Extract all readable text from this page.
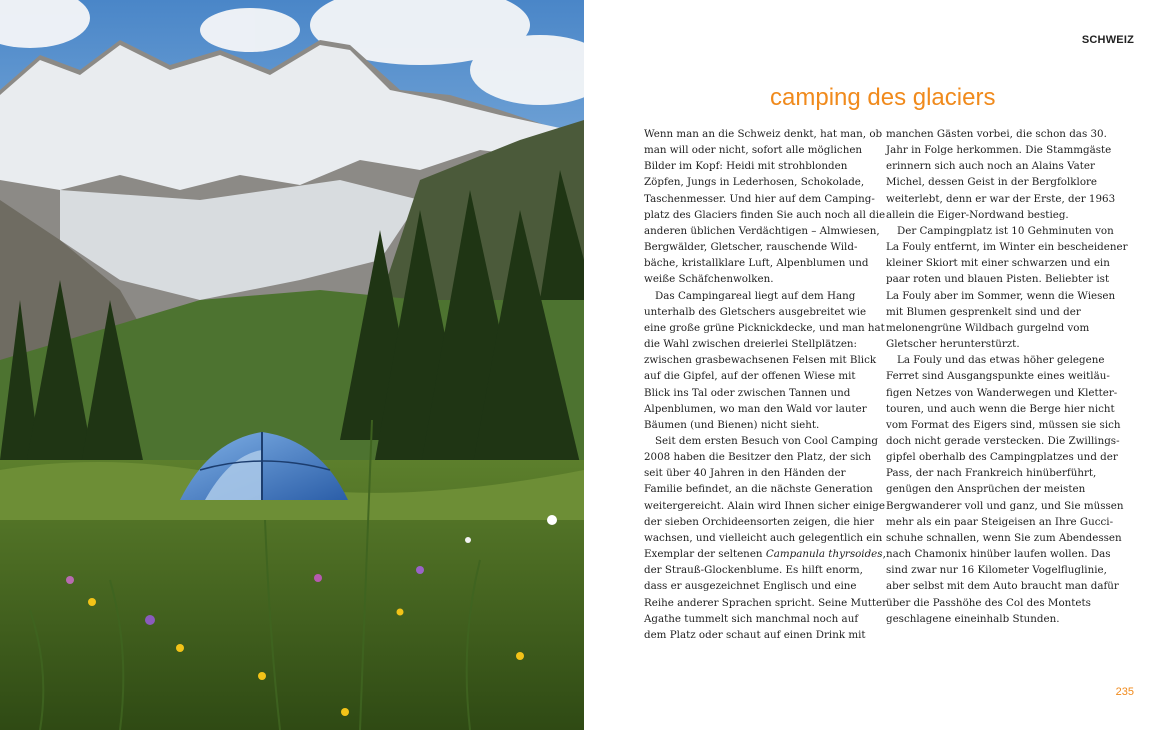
SCHWEIZ
camping des glaciers
Wenn man an die Schweiz denkt, hat man, ob
man will oder nicht, sofort alle möglichen
Bilder im Kopf: Heidi mit strohblonden
Zöpfen, Jungs in Lederhosen, Schokolade,
Taschenmesser. Und hier auf dem Camping-
platz des Glaciers finden Sie auch noch all die
anderen üblichen Verdächtigen – Almwiesen,
Bergwälder, Gletscher, rauschende Wild-
bäche, kristallklare Luft, Alpenblumen und
weiße Schäfchenwolken.
Das Campingareal liegt auf dem Hang
unterhalb des Gletschers ausgebreitet wie
eine große grüne Picknickdecke, und man hat
die Wahl zwischen dreierlei Stellplätzen:
zwischen grasbewachsenen Felsen mit Blick
auf die Gipfel, auf der offenen Wiese mit
Blick ins Tal oder zwischen Tannen und
Alpenblumen, wo man den Wald vor lauter
Bäumen (und Bienen) nicht sieht.
Seit dem ersten Besuch von Cool Camping
2008 haben die Besitzer den Platz, der sich
seit über 40 Jahren in den Händen der
Familie befindet, an die nächste Generation
weitergereicht. Alain wird Ihnen sicher einige
der sieben Orchideensorten zeigen, die hier
wachsen, und vielleicht auch gelegentlich ein
Exemplar der seltenen Campanula thyrsoides,
der Strauß-Glockenblume. Es hilft enorm,
dass er ausgezeichnet Englisch und eine
Reihe anderer Sprachen spricht. Seine Mutter
Agathe tummelt sich manchmal noch auf
dem Platz oder schaut auf einen Drink mit
manchen Gästen vorbei, die schon das 30.
Jahr in Folge herkommen. Die Stammgäste
erinnern sich auch noch an Alains Vater
Michel, dessen Geist in der Bergfolklore
weiterlebt, denn er war der Erste, der 1963
allein die Eiger-Nordwand bestieg.
Der Campingplatz ist 10 Gehminuten von
La Fouly entfernt, im Winter ein bescheidener
kleiner Skiort mit einer schwarzen und ein
paar roten und blauen Pisten. Beliebter ist
La Fouly aber im Sommer, wenn die Wiesen
mit Blumen gesprenkelt sind und der
melonengrüne Wildbach gurgelnd vom
Gletscher herunterstürzt.
La Fouly und das etwas höher gelegene
Ferret sind Ausgangspunkte eines weitläu-
figen Netzes von Wanderwegen und Kletter-
touren, und auch wenn die Berge hier nicht
vom Format des Eigers sind, müssen sie sich
doch nicht gerade verstecken. Die Zwillings-
gipfel oberhalb des Campingplatzes und der
Pass, der nach Frankreich hinüberführt,
genügen den Ansprüchen der meisten
Bergwanderer voll und ganz, und Sie müssen
mehr als ein paar Steigeisen an Ihre Gucci-
schuhe schnallen, wenn Sie zum Abendessen
nach Chamonix hinüber laufen wollen. Das
sind zwar nur 16 Kilometer Vogelfluglinie,
aber selbst mit dem Auto braucht man dafür
über die Passhöhe des Col des Montets
geschlagene eineinhalb Stunden.
235
